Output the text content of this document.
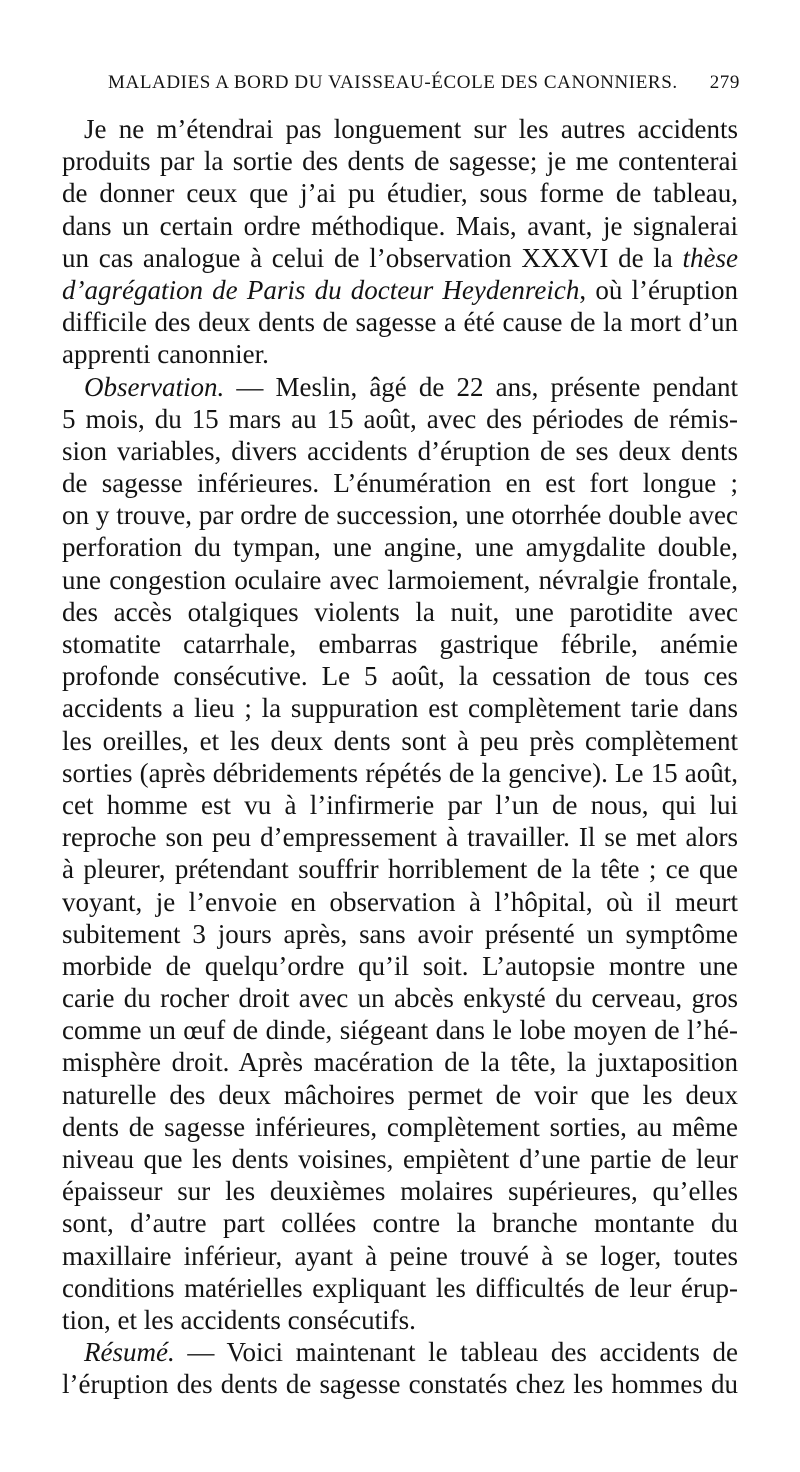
MALADIES A BORD DU VAISSEAU-ÉCOLE DES CANONNIERS. 279
Je ne m’étendrai pas longuement sur les autres accidents
produits par la sortie des dents de sagesse; je me contenterai
de donner ceux que j’ai pu étudier, sous forme de tableau,
dans un certain ordre méthodique. Mais, avant, je signalerai
un cas analogue à celui de l’observation XXXVI de la thèse
d’agrégation de Paris du docteur Heydenreich, où l’éruption
difficile des deux dents de sagesse a été cause de la mort d’un
apprenti canonnier.
Observation. — Meslin, âgé de 22 ans, présente pendant
5 mois, du 15 mars au 15 août, avec des périodes de rémis-
sion variables, divers accidents d’éruption de ses deux dents
de sagesse inférieures. L’énumération en est fort longue ;
on y trouve, par ordre de succession, une otorrhée double avec
perforation du tympan, une angine, une amygdalite double,
une congestion oculaire avec larmoiement, névralgie frontale,
des accès otalgiques violents la nuit, une parotidite avec
stomatite catarrhale, embarras gastrique fébrile, anémie
profonde consécutive. Le 5 août, la cessation de tous ces
accidents a lieu ; la suppuration est complètement tarie dans
les oreilles, et les deux dents sont à peu près complètement
sorties (après débridements répétés de la gencive). Le 15 août,
cet homme est vu à l’infirmerie par l’un de nous, qui lui
reproche son peu d’empressement à travailler. Il se met alors
à pleurer, prétendant souffrir horriblement de la tête ; ce que
voyant, je l’envoie en observation à l’hôpital, où il meurt
subitement 3 jours après, sans avoir présenté un symptôme
morbide de quelqu’ordre qu’il soit. L’autopsie montre une
carie du rocher droit avec un abcès enkysté du cerveau, gros
comme un œuf de dinde, siégeant dans le lobe moyen de l’hé-
misphère droit. Après macération de la tête, la juxtaposition
naturelle des deux mâchoires permet de voir que les deux
dents de sagesse inférieures, complètement sorties, au même
niveau que les dents voisines, empiètent d’une partie de leur
épaisseur sur les deuxièmes molaires supérieures, qu’elles
sont, d’autre part collées contre la branche montante du
maxillaire inférieur, ayant à peine trouvé à se loger, toutes
conditions matérielles expliquant les difficultés de leur érup-
tion, et les accidents consécutifs.
Résumé. — Voici maintenant le tableau des accidents de
l’éruption des dents de sagesse constatés chez les hommes du
